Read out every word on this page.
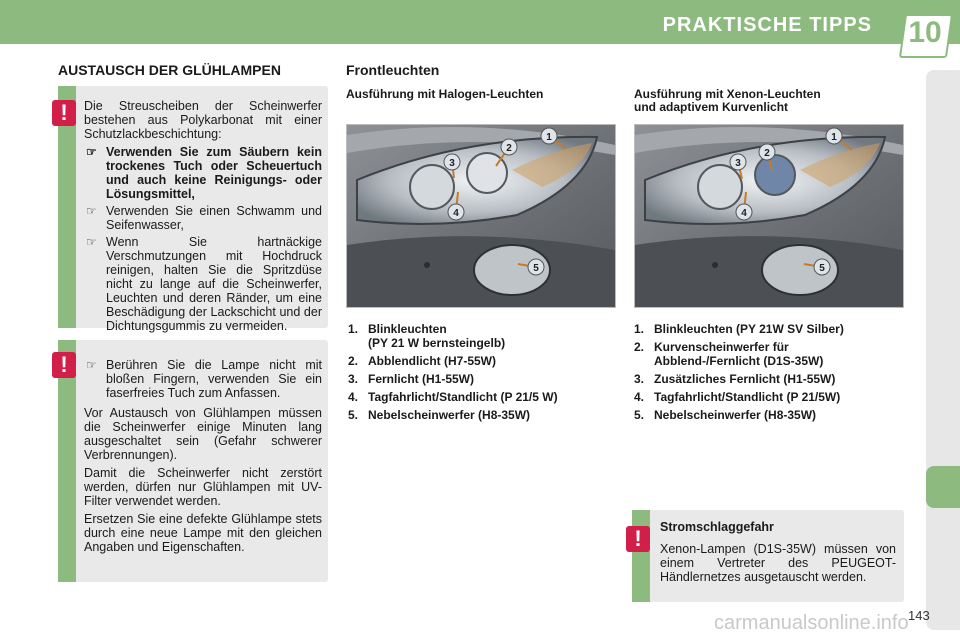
PRAKTISCHE TIPPS 10
AUSTAUSCH DER GLÜHLAMPEN
!	Die Streuscheiben der Scheinwerfer bestehen aus Polykarbonat mit einer Schutzlackbeschichtung:

☞ Verwenden Sie zum Säubern kein trockenes Tuch oder Scheuertuch und auch keine Reinigungs- oder Lösungsmittel,
☞ Verwenden Sie einen Schwamm und Seifenwasser,
☞ Wenn Sie hartnäckige Verschmutzungen mit Hochdruck reinigen, halten Sie die Spritzdüse nicht zu lange auf die Scheinwerfer, Leuchten und deren Ränder, um eine Beschädigung der Lackschicht und der Dichtungsgummis zu vermeiden.
!
☞	Berühren Sie die Lampe nicht mit bloßen Fingern, verwenden Sie ein faserfreies Tuch zum Anfassen.

Vor Austausch von Glühlampen müssen die Scheinwerfer einige Minuten lang ausgeschaltet sein (Gefahr schwerer Verbrennungen).

Damit die Scheinwerfer nicht zerstört werden, dürfen nur Glühlampen mit UV-Filter verwendet werden.

Ersetzen Sie eine defekte Glühlampe stets durch eine neue Lampe mit den gleichen Angaben und Eigenschaften.

Frontleuchten
Ausführung mit Halogen-Leuchten	Ausführung mit Xenon-Leuchten
und adaptivem Kurvenlicht
1
2
3
4
5
1
2
3
4
5
1. Blinkleuchten
(PY 21 W bernsteingelb)
2. Abblendlicht (H7-55W)
3. Fernlicht (H1-55W)
4. Tagfahrlicht/Standlicht (P 21/5 W)
5. Nebelscheinwerfer (H8-35W)
1. Blinkleuchten (PY 21W SV Silber)
2. Kurvenscheinwerfer für
Abblend-/Fernlicht (D1S-35W)
3. Zusätzliches Fernlicht (H1-55W)
4. Tagfahrlicht/Standlicht (P 21/5W)
5. Nebelscheinwerfer (H8-35W)
!	Stromschlaggefahr

Xenon-Lampen (D1S-35W) müssen von einem Vertreter des PEUGEOT-Händlernetzes ausgetauscht werden.

carmanualsonline.info 143
